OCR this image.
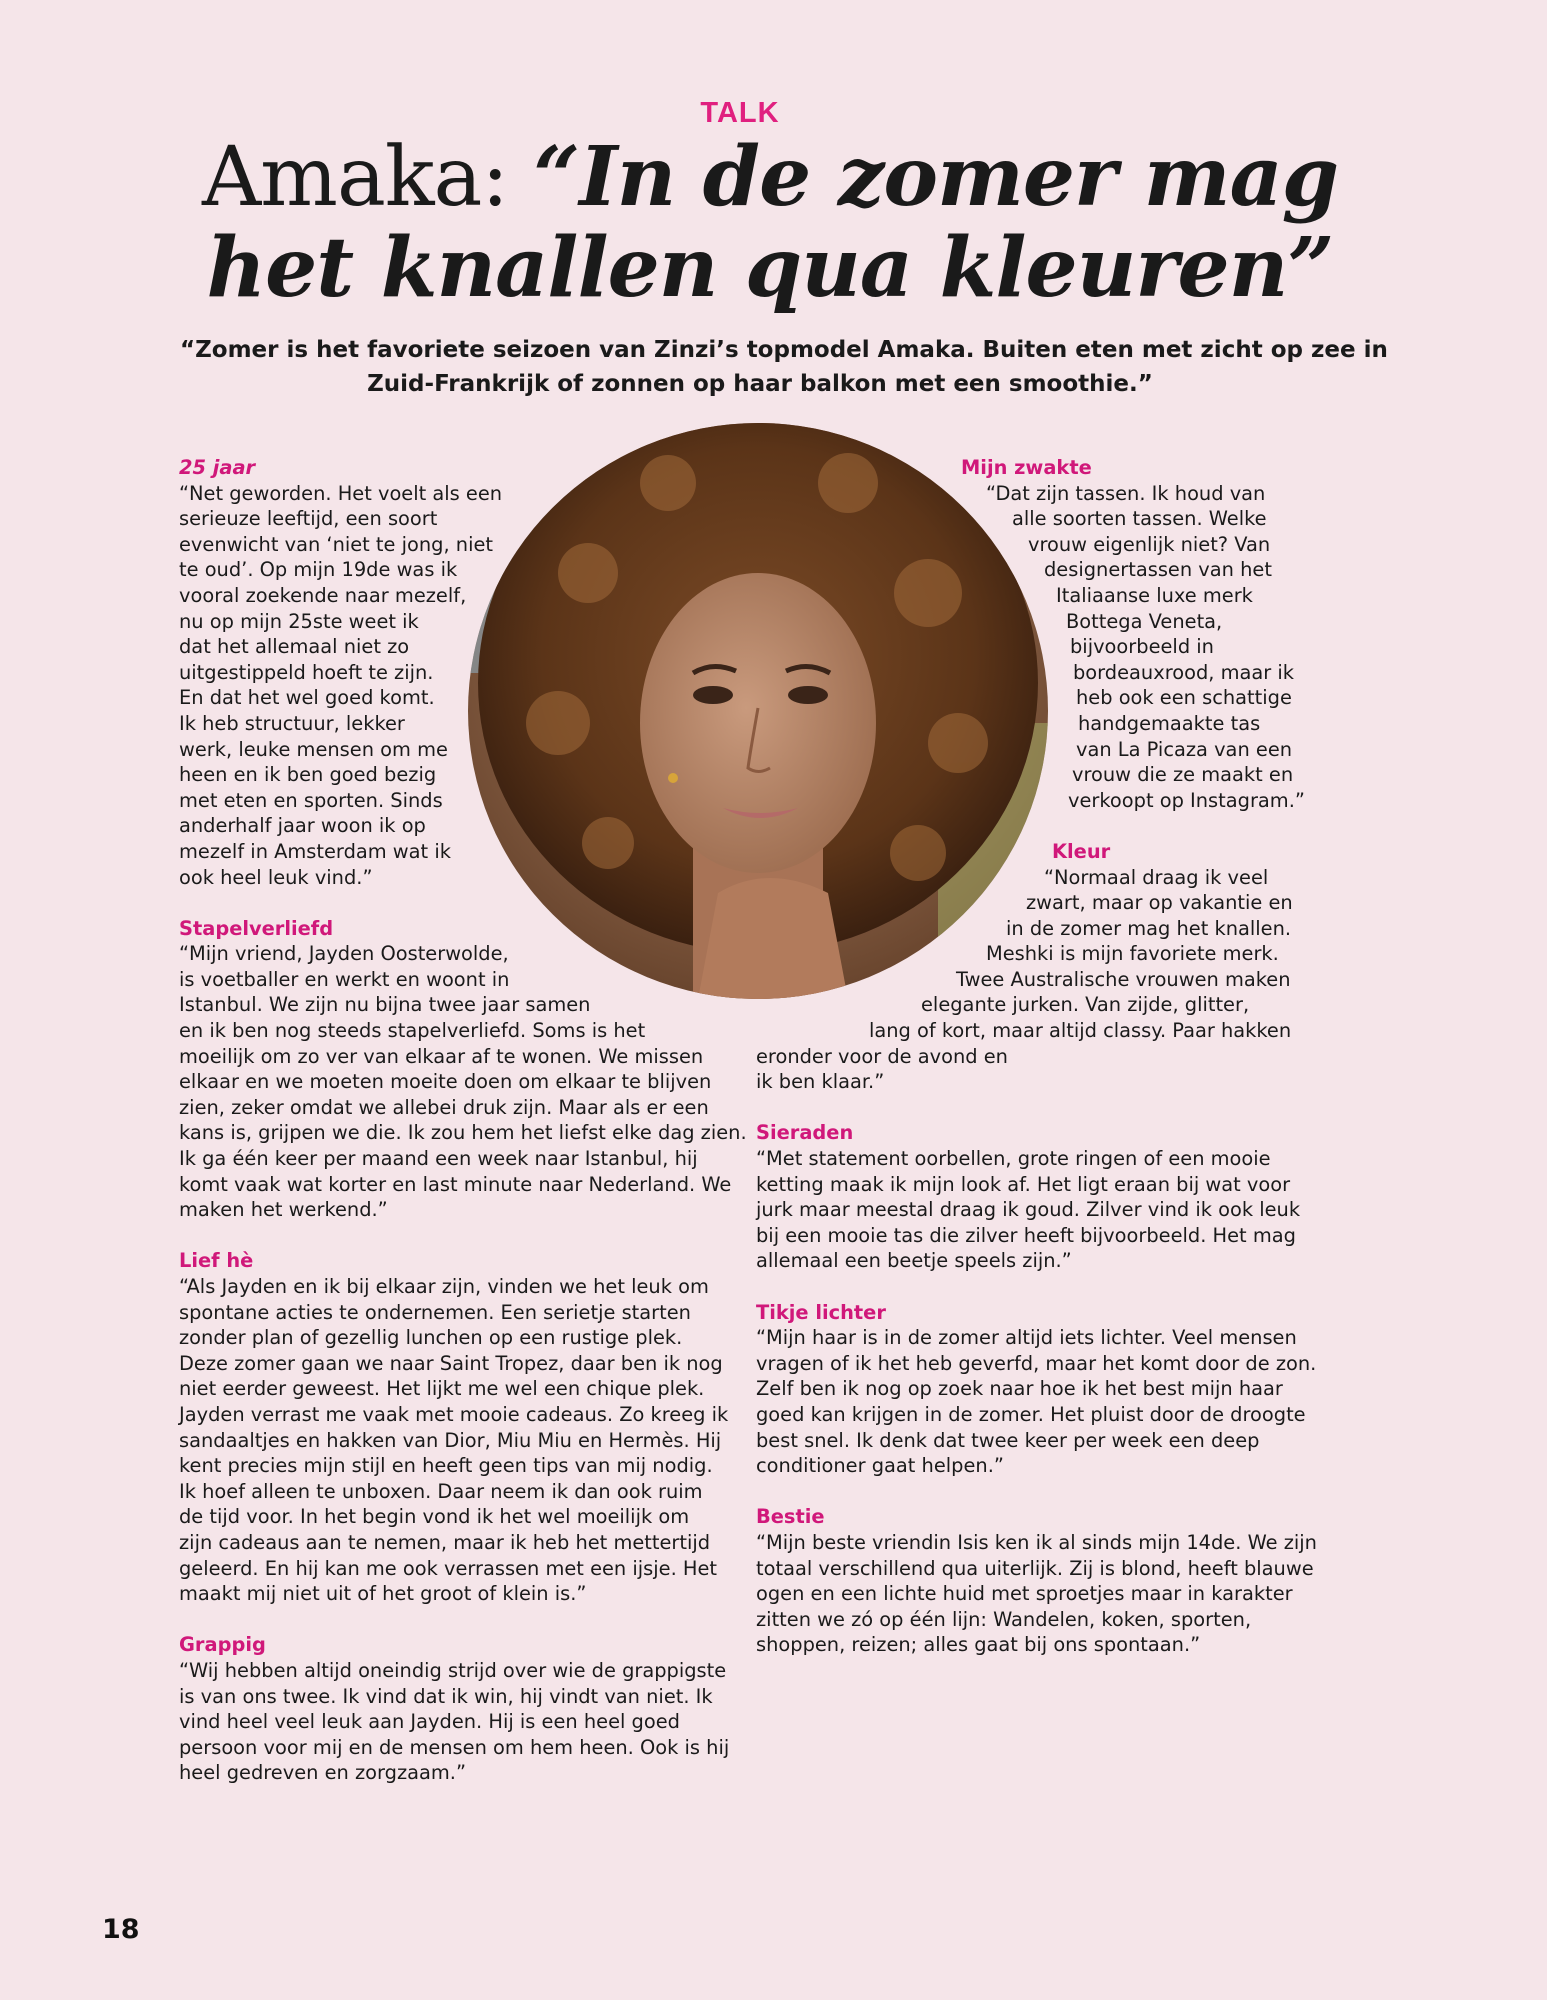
TALK
Amaka: “In de zomer mag
het knallen qua kleuren”
“Zomer is het favoriete seizoen van Zinzi’s topmodel Amaka. Buiten eten met zicht op zee in
Zuid-Frankrijk of zonnen op haar balkon met een smoothie.”

25 jaar

“Net geworden. Het voelt als een
serieuze leeftijd, een soort
evenwicht van ‘niet te jong, niet
te oud’. Op mijn 19de was ik
vooral zoekende naar mezelf,
nu op mijn 25ste weet ik
dat het allemaal niet zo
uitgestippeld hoeft te zijn.
En dat het wel goed komt.
Ik heb structuur, lekker
werk, leuke mensen om me
heen en ik ben goed bezig
met eten en sporten. Sinds
anderhalf jaar woon ik op
mezelf in Amsterdam wat ik
ook heel leuk vind.”

Stapelverliefd

“Mijn vriend, Jayden Oosterwolde,
is voetballer en werkt en woont in
Istanbul. We zijn nu bijna twee jaar samen
en ik ben nog steeds stapelverliefd. Soms is het
moeilijk om zo ver van elkaar af te wonen. We missen
elkaar en we moeten moeite doen om elkaar te blijven
zien, zeker omdat we allebei druk zijn. Maar als er een
kans is, grijpen we die. Ik zou hem het liefst elke dag zien.
Ik ga één keer per maand een week naar Istanbul, hij
komt vaak wat korter en last minute naar Nederland. We
maken het werkend.”

Lief hè

“Als Jayden en ik bij elkaar zijn, vinden we het leuk om
spontane acties te ondernemen. Een serietje starten
zonder plan of gezellig lunchen op een rustige plek.
Deze zomer gaan we naar Saint Tropez, daar ben ik nog
niet eerder geweest. Het lijkt me wel een chique plek.
Jayden verrast me vaak met mooie cadeaus. Zo kreeg ik
sandaaltjes en hakken van Dior, Miu Miu en Hermès. Hij
kent precies mijn stijl en heeft geen tips van mij nodig.
Ik hoef alleen te unboxen. Daar neem ik dan ook ruim
de tijd voor. In het begin vond ik het wel moeilijk om
zijn cadeaus aan te nemen, maar ik heb het mettertijd
geleerd. En hij kan me ook verrassen met een ijsje. Het
maakt mij niet uit of het groot of klein is.”

Grappig

“Wij hebben altijd oneindig strijd over wie de grappigste
is van ons twee. Ik vind dat ik win, hij vindt van niet. Ik
vind heel veel leuk aan Jayden. Hij is een heel goed
persoon voor mij en de mensen om hem heen. Ook is hij
heel gedreven en zorgzaam.”

Mijn zwakte

“Dat zijn tassen. Ik houd van
alle soorten tassen. Welke
vrouw eigenlijk niet? Van
designertassen van het
Italiaanse luxe merk
Bottega Veneta,
bijvoorbeeld in
bordeauxrood, maar ik
heb ook een schattige
handgemaakte tas
van La Picaza van een
vrouw die ze maakt en
verkoopt op Instagram.”

Kleur

“Normaal draag ik veel
zwart, maar op vakantie en
in de zomer mag het knallen.
Meshki is mijn favoriete merk.
Twee Australische vrouwen maken
elegante jurken. Van zijde, glitter,
lang of kort, maar altijd classy. Paar hakken
eronder voor de avond en
ik ben klaar.”

Sieraden

“Met statement oorbellen, grote ringen of een mooie
ketting maak ik mijn look af. Het ligt eraan bij wat voor
jurk maar meestal draag ik goud. Zilver vind ik ook leuk
bij een mooie tas die zilver heeft bijvoorbeeld. Het mag
allemaal een beetje speels zijn.”

Tikje lichter

“Mijn haar is in de zomer altijd iets lichter. Veel mensen
vragen of ik het heb geverfd, maar het komt door de zon.
Zelf ben ik nog op zoek naar hoe ik het best mijn haar
goed kan krijgen in de zomer. Het pluist door de droogte
best snel. Ik denk dat twee keer per week een deep
conditioner gaat helpen.”

Bestie

“Mijn beste vriendin Isis ken ik al sinds mijn 14de. We zijn
totaal verschillend qua uiterlijk. Zij is blond, heeft blauwe
ogen en een lichte huid met sproetjes maar in karakter
zitten we zó op één lijn: Wandelen, koken, sporten,
shoppen, reizen; alles gaat bij ons spontaan.”
18
